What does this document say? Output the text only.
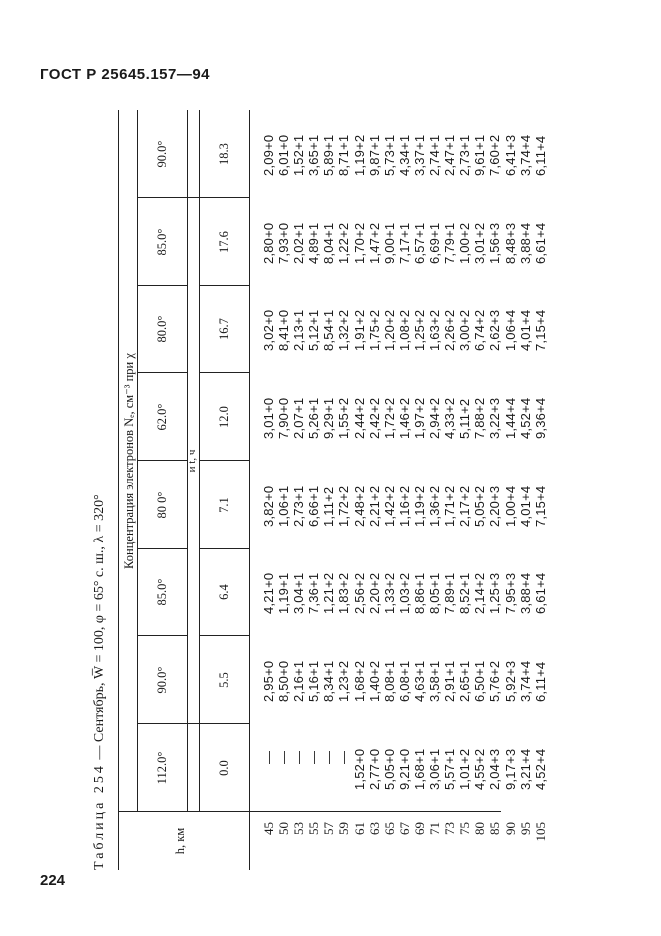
ГОСТ Р 25645.157—94
Таблица 254 — Сентябрь, W̅ = 100, φ = 65° с. ш., λ = 320°
h, км
Концентрация электронов Nₑ, см⁻³ при χ	и t, ч
112.0°
90.0°
85.0°
80 0°
62.0°
80.0°
85.0°
90.0°
0.0
5.5
6.4
7.1
12.0
16.7
17.6
18.3
45 50 53 55 57 59 61 63 65 67 69 71 73 75 80 85 90 95 105
— — — — — — 1,52+0 2,77+0 5,05+0 9,21+0 1,68+1 3,06+1 5,57+1 1,01+2 4,55+2 2,04+3 9,17+3 3,21+4 4,52+4
2,95+0 8,50+0 2,16+1 5,16+1 8,34+1 1,23+2 1,68+2 1,40+2 8,08+1 6,08+1 4,63+1 3,58+1 2,91+1 2,65+1 6,50+1 5,76+2 5,92+3 3,74+4 6,11+4
4,21+0 1,19+1 3,04+1 7,36+1 1,21+2 1,83+2 2,56+2 2,20+2 1,33+2 1,03+2 8,86+1 8,05+1 7,89+1 8,52+1 2,14+2 1,25+3 7,95+3 3,88+4 6,61+4
3,82+0 1,06+1 2,73+1 6,66+1 1,11+2 1,72+2 2,48+2 2,21+2 1,42+2 1,16+2 1,19+2 1,36+2 1,71+2 2,17+2 5,05+2 2,20+3 1,00+4 4,01+4 7,15+4
3,01+0 7,90+0 2,07+1 5,26+1 9,29+1 1,55+2 2,44+2 2,42+2 1,72+2 1,46+2 1,97+2 2,94+2 4,33+2 5,11+2 7,88+2 3,22+3 1,44+4 4,52+4 9,36+4
3,02+0 8,41+0 2,13+1 5,12+1 8,54+1 1,32+2 1,91+2 1,75+2 1,20+2 1,08+2 1,25+2 1,63+2 2,26+2 3,00+2 6,74+2 2,62+3 1,06+4 4,01+4 7,15+4
2,80+0 7,93+0 2,02+1 4,89+1 8,04+1 1,22+2 1,70+2 1,47+2 9,00+1 7,17+1 6,57+1 6,69+1 7,79+1 1,00+2 3,01+2 1,56+3 8,48+3 3,88+4 6,61+4
2,09+0 6,01+0 1,52+1 3,65+1 5,89+1 8,71+1 1,19+2 9,87+1 5,73+1 4,34+1 3,37+1 2,74+1 2,47+1 2,73+1 9,61+1 7,60+2 6,41+3 3,74+4 6,11+4
224
